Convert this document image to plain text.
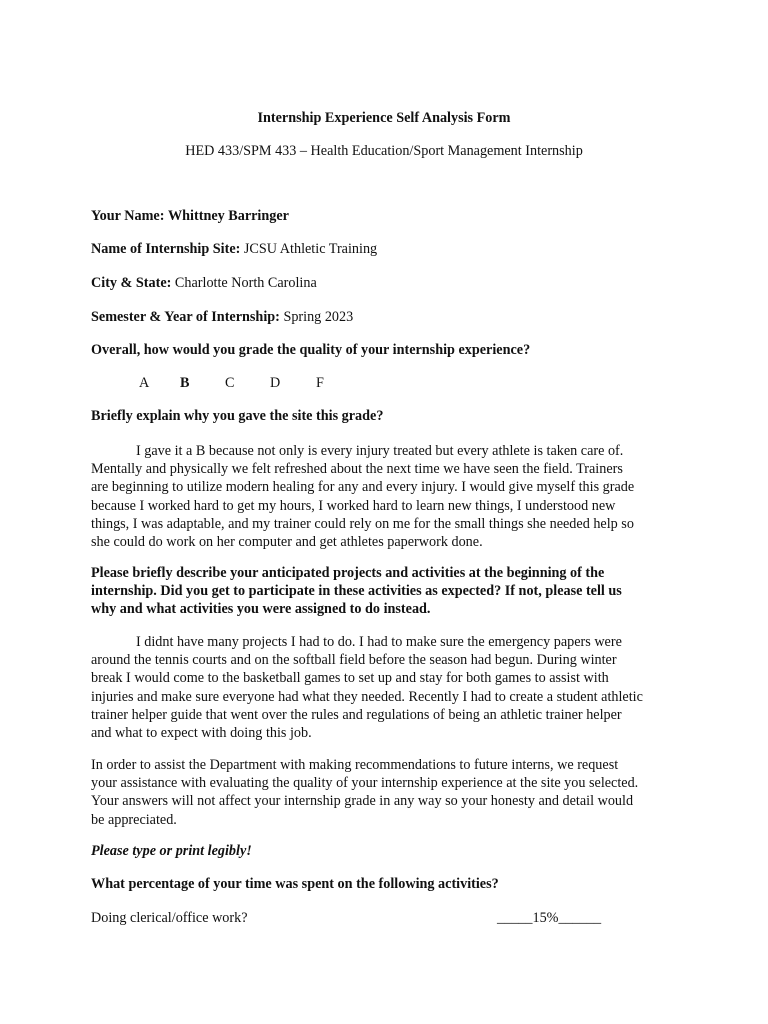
Internship Experience Self Analysis Form
HED 433/SPM 433 – Health Education/Sport Management Internship
Your Name: Whittney Barringer
Name of Internship Site: JCSU Athletic Training
City & State: Charlotte North Carolina
Semester & Year of Internship: Spring 2023
Overall, how would you grade the quality of your internship experience?
A B	C	D	F
Briefly explain why you gave the site this grade?
I gave it a B because not only is every injury treated but every athlete is taken care of.
Mentally and physically we felt refreshed about the next time we have seen the field. Trainers
are beginning to utilize modern healing for any and every injury. I would give myself this grade
because I worked hard to get my hours, I worked hard to learn new things, I understood new
things, I was adaptable, and my trainer could rely on me for the small things she needed help so
she could do work on her computer and get athletes paperwork done.
Please briefly describe your anticipated projects and activities at the beginning of the
internship. Did you get to participate in these activities as expected? If not, please tell us
why and what activities you were assigned to do instead.
I didnt have many projects I had to do. I had to make sure the emergency papers were
around the tennis courts and on the softball field before the season had begun. During winter
break I would come to the basketball games to set up and stay for both games to assist with
injuries and make sure everyone had what they needed. Recently I had to create a student athletic
trainer helper guide that went over the rules and regulations of being an athletic trainer helper
and what to expect with doing this job.
In order to assist the Department with making recommendations to future interns, we request
your assistance with evaluating the quality of your internship experience at the site you selected.
Your answers will not affect your internship grade in any way so your honesty and detail would
be appreciated.
Please type or print legibly!
What percentage of your time was spent on the following activities?
Doing clerical/office work?	_____15%______
